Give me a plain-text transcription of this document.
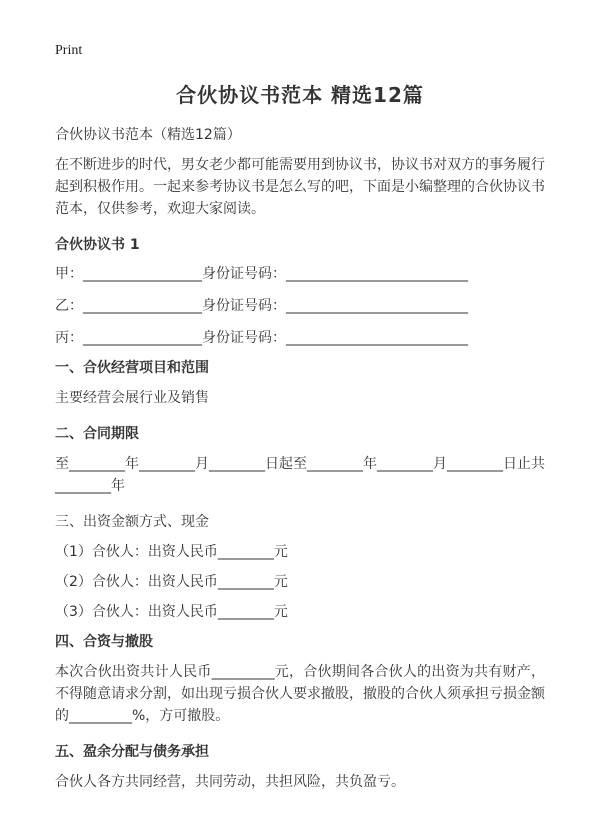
Print
合伙协议书范本 精选12篇
合伙协议书范本（精选12篇）

在不断进步的时代，男女老少都可能需要用到协议书，协议书对双方的事务履行起到积极作用。一起来参考协议书是怎么写的吧，下面是小编整理的合伙协议书范本，仅供参考，欢迎大家阅读。

合伙协议书 1
甲：_________________身份证号码：__________________________
乙：_________________身份证号码：__________________________
丙：_________________身份证号码：__________________________
一、合伙经营项目和范围

主要经营会展行业及销售

二、合同期限

至________年________月________日起至________年________月________日止共________年

三、出资金额方式、现金
（1）合伙人：出资人民币________元
（2）合伙人：出资人民币________元
（3）合伙人：出资人民币________元
四、合资与撤股

本次合伙出资共计人民币_________元，合伙期间各合伙人的出资为共有财产，不得随意请求分割，如出现亏损合伙人要求撤股，撤股的合伙人须承担亏损金额的_________%，方可撤股。

五、盈余分配与债务承担

合伙人各方共同经营，共同劳动，共担风险，共负盈亏。
